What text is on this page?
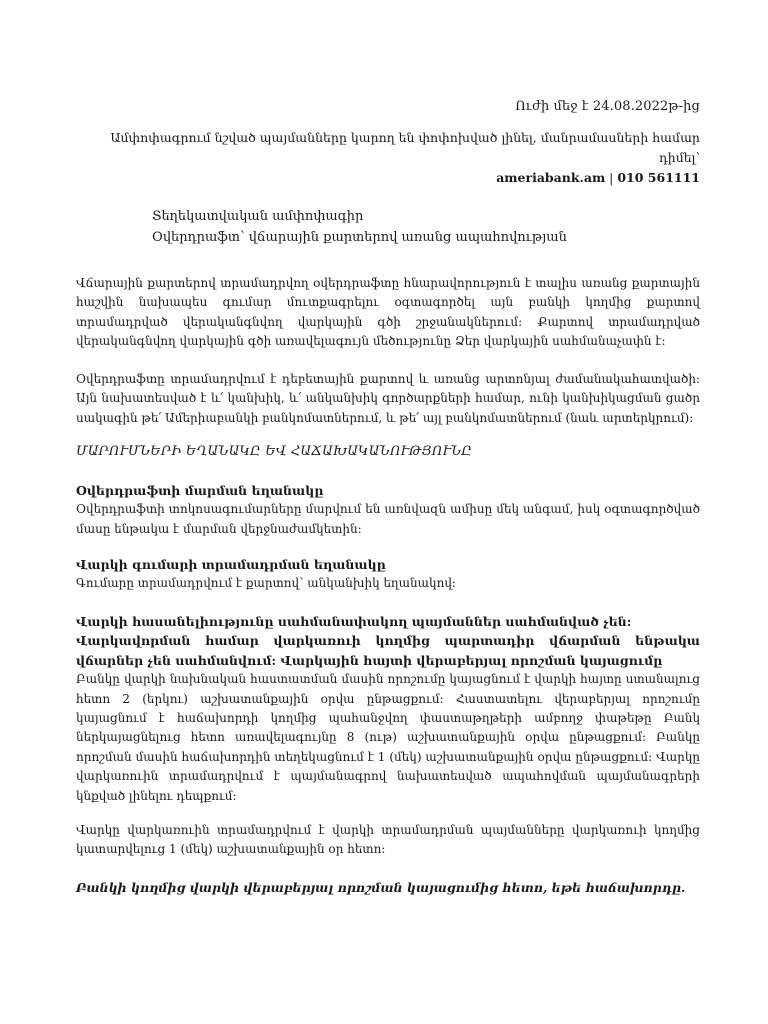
Ուժի մեջ է 24.08.2022թ-ից
Ամփոփագրում նշված պայմանները կարող են փոփոխված լինել, մանրամասների համար դիմել՝
ameriabank.am | 010 561111
Տեղեկատվական ամփոփագիր
Օվերդրաֆտ՝ վճարային քարտերով առանց ապահովության
Վճարային քարտերով տրամադրվող օվերդրաֆտը հնարավորություն է տալիս առանց քարտային հաշվին նախապես գումար մուտքագրելու օգտագործել այն բանկի կողմից քարտով տրամադրված վերականգնվող վարկային գծի շրջանակներում: Քարտով տրամադրված վերականգնվող վարկային գծի առավելագույն մեծությունը Ձեր վարկային սահմանաչափն է:
Օվերդրաֆտը տրամադրվում է դեբետային քարտով և առանց արտոնյալ ժամանակահատվածի: Այն նախատեսված է և՛ կանխիկ, և՛ անկանխիկ գործարքների համար, ունի կանխիկացման ցածր սակագին թե՛ Ամերիաբանկի բանկոմատներում, և թե՛ այլ բանկոմատներում (նաև արտերկրում):
ՄԱՐՈՒՄՆԵՐԻ ԵՂԱՆԱԿԸ ԵՎ ՀԱՃԱԽԱԿԱՆՈՒԹՅՈՒՆԸ
Օվերդրաֆտի մարման եղանակը
Օվերդրաֆտի տոկոսագումարները մարվում են առնվազն ամիսը մեկ անգամ, իսկ օգտագործված մասը ենթակա է մարման վերջնաժամկետին:
Վարկի գումարի տրամադրման եղանակը
Գումարը տրամադրվում է քարտով՝ անկանխիկ եղանակով:
Վարկի հասանելիությունը սահմանափակող պայմաններ սահմանված չեն:
Վարկավորման համար վարկառուի կողմից պարտադիր վճարման ենթակա վճարներ չեն սահմանվում: Վարկային հայտի վերաբերյալ որոշման կայացումը
Բանկը վարկի նախնական հաստատման մասին որոշումը կայացնում է վարկի հայտը ստանալուց հետո 2 (երկու) աշխատանքային օրվա ընթացքում: Հաստատելու վերաբերյալ որոշումը կայացնում է հաճախորդի կողմից պահանջվող փաստաթղթերի ամբողջ փաթեթը Բանկ ներկայացնելուց հետո առավելագույնը 8 (ութ) աշխատանքային օրվա ընթացքում: Բանկը որոշման մասին հաճախորդին տեղեկացնում է 1 (մեկ) աշխատանքային օրվա ընթացքում: Վարկը վարկառուին տրամադրվում է պայմանագրով նախատեսված ապահովման պայմանագրերի կնքված լինելու դեպքում:
Վարկը վարկառուին տրամադրվում է վարկի տրամադրման պայմանները վարկառուի կողմից կատարվելուց 1 (մեկ) աշխատանքային օր հետո:
Բանկի կողմից վարկի վերաբերյալ որոշման կայացումից հետո, եթե հաճախորդը.
